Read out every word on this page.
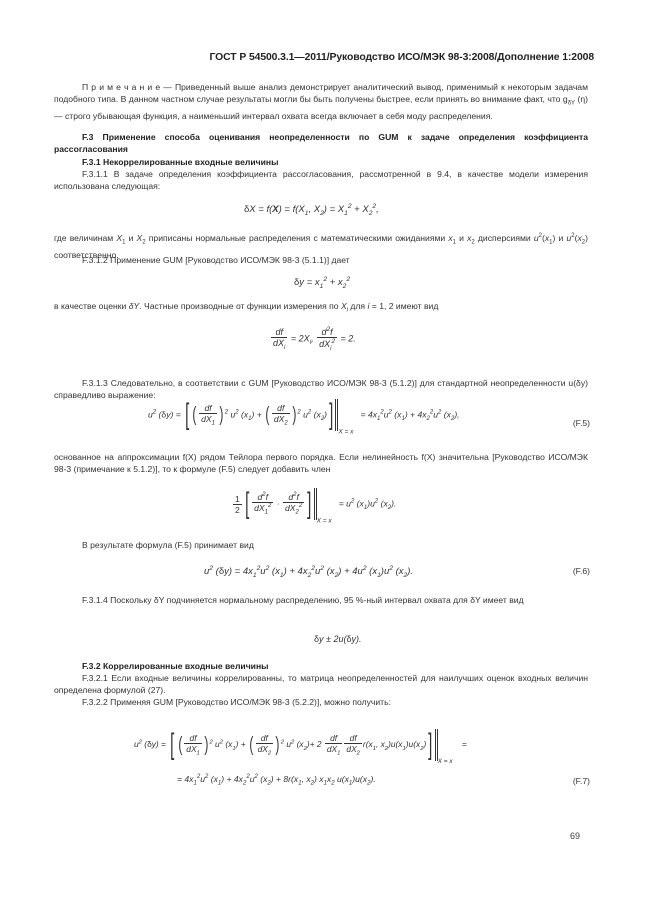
ГОСТ Р 54500.3.1—2011/Руководство ИСО/МЭК 98-3:2008/Дополнение 1:2008
П р и м е ч а н и е — Приведенный выше анализ демонстрирует аналитический вывод, применимый к некоторым задачам подобного типа. В данном частном случае результаты могли бы быть получены быстрее, если принять во внимание факт, что $g_{\delta Y}$ (η) — строго убывающая функция, а наименьший интервал охвата всегда включает в себя моду распределения.
F.3 Применение способа оценивания неопределенности по GUM к задаче определения коэффициента рассогласования
F.3.1 Некоррелированные входные величины
F.3.1.1 В задаче определения коэффициента рассогласования, рассмотренной в 9.4, в качестве модели измерения использована следующая:
$\delta X = f(X) = f(X_1$, $X_2) = X_1^2 + X_2^2$,
где величинам $X_1$ и $X_2$ приписаны нормальные распределения с математическими ожиданиями $x_1$ и $x_2$ дисперсиями $u^2(x_1)$ и $u^2(x_2)$ соответственно.
F.3.1.2 Применение GUM [Руководство ИСО/МЭК 98-3 (5.1.1)] дает
$\delta y = x_1^2 + x_2^2$
в качестве оценки δY. Частные производные от функции измерения по $X_i$ для i = 1, 2 имеют вид
$\frac{df}{dX_i} = 2X_i$, $\frac{d^2f}{dX_i^2} = 2$.
F.3.1.3 Следовательно, в соответствии с GUM [Руководство ИСО/МЭК 98-3 (5.1.2)] для стандартной неопределенности u(δy) справедливо выражение:
$u^2$ (δy) = [ ( $\frac{df}{dX_1} )^2$ $u^2$ $(x_1)$ + ( $\frac{df}{dX_2} )^2$ $u^2$ $(x_2)]_{X = x} = 4x_1^2u^2$ $(x_1) + 4x_2^2u^2$ $(x_2)$,
(F.5)
основанное на аппроксимации f(X) рядом Тейлора первого порядка. Если нелинейность f(X) значительна [Руководство ИСО/МЭК 98-3 (примечание к 5.1.2)], то к формуле (F.5) следует добавить член
$\frac{1}{2}$ [ $\frac{d^2f}{dX_1^2} \cdot \frac{d^2f}{dX_2^2} ]_{X = x} = u^2$ $(x_1)u^2$ $(x_2)$.
В результате формула (F.5) принимает вид
$u^2$ $(\delta y) = 4x_1^2u^2$ $(x_1) + 4x_2^2u^2$ $(x_2) + 4u^2$ $(x_1)u^2$ $(x_2)$.	(F.6)
F.3.1.4 Поскольку δY подчиняется нормальному распределению, 95 %-ный интервал охвата для δY имеет вид
δy ± 2u(δy).
F.3.2 Коррелированные входные величины
F.3.2.1 Если входные величины коррелированны, то матрица неопределенностей для наилучших оценок входных величин определена формулой (27).
F.3.2.2 Применяя GUM [Руководство ИСО/МЭК 98-3 (5.2.2)], можно получить:
$u^2$ (δy) = [ ( $\frac{df}{dX_1} )^2$ $u^2$ $(x_1)$ + ( $\frac{df}{dX_2} )^2$ $u^2$ $(x_2)+ 2 \frac{df}{dX_1} \frac{df}{dX_2} r(x_1$, $x_2)u(x_1)u(x_2)]_{X = x}$    =
= $4x_1^2u^2$ $(x_1) + 4x_2^2u^2$ $(x_2) + 8r(x_1$, $x_2$) $x_1x_2$ $u(x_1)u(x_2)$.	(F.7)
69
